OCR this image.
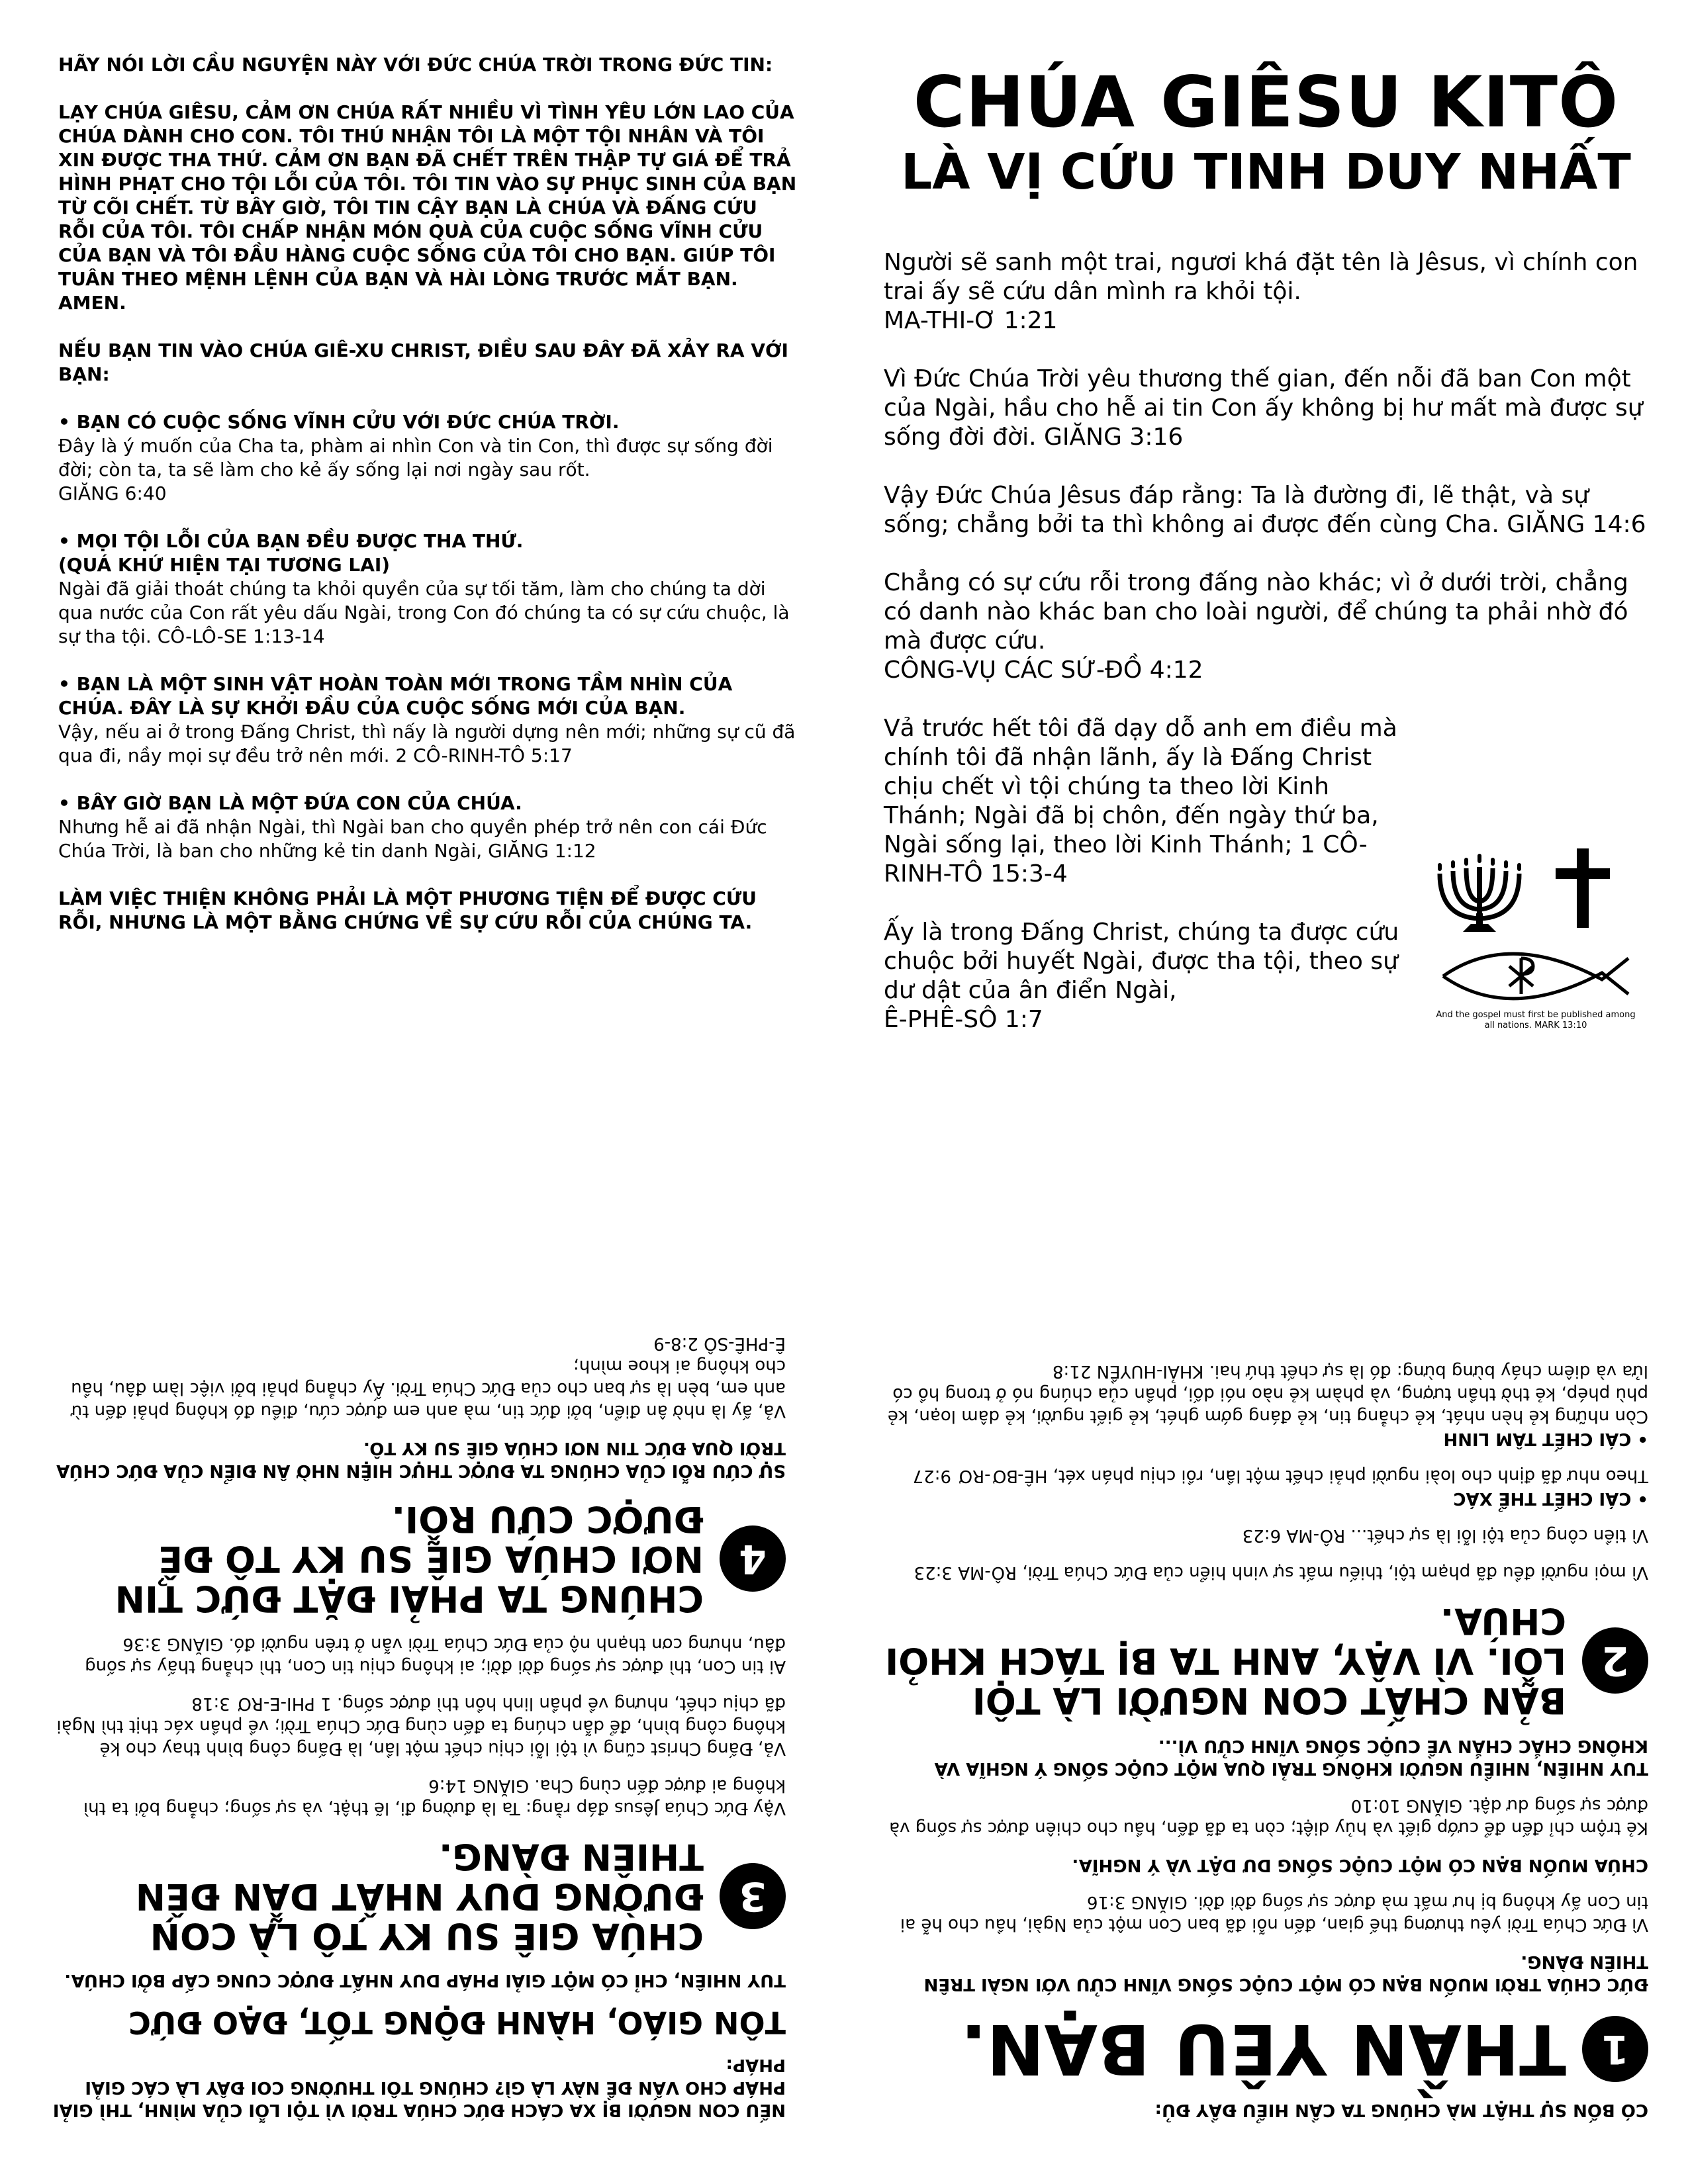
HÃY NÓI LỜI CẦU NGUYỆN NÀY VỚI ĐỨC CHÚA TRỜI TRONG ĐỨC TIN:

LẠY CHÚA GIÊSU, CẢM ƠN CHÚA RẤT NHIỀU VÌ TÌNH YÊU LỚN LAO CỦA CHÚA DÀNH CHO CON. TÔI THÚ NHẬN TÔI LÀ MỘT TỘI NHÂN VÀ TÔI XIN ĐƯỢC THA THỨ. CẢM ƠN BẠN ĐÃ CHẾT TRÊN THẬP TỰ GIÁ ĐỂ TRẢ HÌNH PHẠT CHO TỘI LỖI CỦA TÔI. TÔI TIN VÀO SỰ PHỤC SINH CỦA BẠN TỪ CÕI CHẾT. TỪ BÂY GIỜ, TÔI TIN CẬY BẠN LÀ CHÚA VÀ ĐẤNG CỨU RỖI CỦA TÔI. TÔI CHẤP NHẬN MÓN QUÀ CỦA CUỘC SỐNG VĨNH CỬU CỦA BẠN VÀ TÔI ĐẦU HÀNG CUỘC SỐNG CỦA TÔI CHO BẠN. GIÚP TÔI TUÂN THEO MỆNH LỆNH CỦA BẠN VÀ HÀI LÒNG TRƯỚC MẮT BẠN. AMEN.

NẾU BẠN TIN VÀO CHÚA GIÊ-XU CHRIST, ĐIỀU SAU ĐÂY ĐÃ XẢY RA VỚI BẠN:

• BẠN CÓ CUỘC SỐNG VĨNH CỬU VỚI ĐỨC CHÚA TRỜI.
Đây là ý muốn của Cha ta, phàm ai nhìn Con và tin Con, thì được sự sống đời đời; còn ta, ta sẽ làm cho kẻ ấy sống lại nơi ngày sau rốt.
GIĂNG 6:40
• MỌI TỘI LỖI CỦA BẠN ĐỀU ĐƯỢC THA THỨ.
(QUÁ KHỨ HIỆN TẠI TƯƠNG LAI)
Ngài đã giải thoát chúng ta khỏi quyền của sự tối tăm, làm cho chúng ta dời qua nước của Con rất yêu dấu Ngài, trong Con đó chúng ta có sự cứu chuộc, là sự tha tội. CÔ-LÔ-SE 1:13-14
• BẠN LÀ MỘT SINH VẬT HOÀN TOÀN MỚI TRONG TẦM NHÌN CỦA CHÚA. ĐÂY LÀ SỰ KHỞI ĐẦU CỦA CUỘC SỐNG MỚI CỦA BẠN.
Vậy, nếu ai ở trong Đấng Christ, thì nấy là người dựng nên mới; những sự cũ đã qua đi, nầy mọi sự đều trở nên mới. 2 CÔ-RINH-TÔ 5:17
• BÂY GIỜ BẠN LÀ MỘT ĐỨA CON CỦA CHÚA.
Nhưng hễ ai đã nhận Ngài, thì Ngài ban cho quyền phép trở nên con cái Đức Chúa Trời, là ban cho những kẻ tin danh Ngài, GIĂNG 1:12

LÀM VIỆC THIỆN KHÔNG PHẢI LÀ MỘT PHƯƠNG TIỆN ĐỂ ĐƯỢC CỨU RỖI, NHƯNG LÀ MỘT BẰNG CHỨNG VỀ SỰ CỨU RỖI CỦA CHÚNG TA.

CHÚA GIÊSU KITÔ
LÀ VỊ CỨU TINH DUY NHẤT
Người sẽ sanh một trai, ngươi khá đặt tên là Jêsus, vì chính con trai ấy sẽ cứu dân mình ra khỏi tội.
MA-THI-Ơ 1:21
Vì Đức Chúa Trời yêu thương thế gian, đến nỗi đã ban Con một của Ngài, hầu cho hễ ai tin Con ấy không bị hư mất mà được sự sống đời đời. GIĂNG 3:16
Vậy Đức Chúa Jêsus đáp rằng: Ta là đường đi, lẽ thật, và sự sống; chẳng bởi ta thì không ai được đến cùng Cha. GIĂNG 14:6
Chẳng có sự cứu rỗi trong đấng nào khác; vì ở dưới trời, chẳng có danh nào khác ban cho loài người, để chúng ta phải nhờ đó mà được cứu.
CÔNG-VỤ CÁC SỨ-ĐỒ 4:12
Vả trước hết tôi đã dạy dỗ anh em điều mà chính tôi đã nhận lãnh, ấy là Đấng Christ chịu chết vì tội chúng ta theo lời Kinh Thánh; Ngài đã bị chôn, đến ngày thứ ba, Ngài sống lại, theo lời Kinh Thánh; 1 CÔ-RINH-TÔ 15:3-4
Ấy là trong Đấng Christ, chúng ta được cứu chuộc bởi huyết Ngài, được tha tội, theo sự dư dật của ân điển Ngài,
Ê-PHÊ-SÔ 1:7	And the gospel must first be published among all nations. MARK 13:10

NẾU CON NGƯỜI BỊ XA CÁCH ĐỨC CHÚA TRỜI VÌ TỘI LỖI CỦA MÌNH, THÌ GIẢI PHÁP CHO VẤN ĐỀ NÀY LÀ GÌ? CHÚNG TÔI THƯỜNG COI ĐÂY LÀ CÁC GIẢI PHÁP:

TÔN GIÁO, HÀNH ĐỘNG TỐT, ĐẠO ĐỨC

TUY NHIÊN, CHỈ CÓ MỘT GIẢI PHÁP DUY NHẤT ĐƯỢC CUNG CẤP BỞI CHÚA.

3
CHÚA GIÊ SU KY TÔ LÀ CON ĐƯỜNG DUY NHẤT DẪN ĐẾN THIÊN ĐÀNG.

Vậy Đức Chúa Jêsus đáp rằng: Ta là đường đi, lẽ thật, và sự sống; chẳng bởi ta thì không ai được đến cùng Cha. GIĂNG 14:6

Vả, Đấng Christ cũng vì tội lỗi chịu chết một lần, là Đấng công bình thay cho kẻ không công bình, để dẫn chúng ta đến cùng Đức Chúa Trời; về phần xác thịt thì Ngài đã chịu chết, nhưng về phần linh hồn thì được sống. 1 PHI-E-RƠ 3:18

Ai tin Con, thì được sự sống đời đời; ai không chịu tin Con, thì chẳng thấy sự sống đâu, nhưng cơn thạnh nộ của Đức Chúa Trời vẫn ở trên người đó. GIĂNG 3:36

4
CHÚNG TA PHẢI ĐẶT ĐỨC TIN NƠI CHÚA GIÊ SU KY TÔ ĐỂ ĐƯỢC CỨU RỖI.

SỰ CỨU RỖI CỦA CHÚNG TA ĐƯỢC THỰC HIỆN NHỜ ÂN ĐIỂN CỦA ĐỨC CHÚA TRỜI QUA ĐỨC TIN NƠI CHÚA GIÊ SU KY TÔ.

Vả, ấy là nhờ ân điển, bởi đức tin, mà anh em được cứu, điều đó không phải đến từ anh em, bèn là sự ban cho của Đức Chúa Trời. Ấy chẳng phải bởi việc làm đâu, hầu cho không ai khoe mình;
Ê-PHÊ-SÔ 2:8-9

CÓ BỐN SỰ THẬT MÀ CHÚNG TA CẦN HIỂU ĐẦY ĐỦ:

1
THẦN YÊU BẠN.

ĐỨC CHÚA TRỜI MUỐN BẠN CÓ MỘT CUỘC SỐNG VĨNH CỬU VỚI NGÀI TRÊN THIÊN ĐÀNG.

Vì Đức Chúa Trời yêu thương thế gian, đến nỗi đã ban Con một của Ngài, hầu cho hễ ai tin Con ấy không bị hư mất mà được sự sống đời đời. GIĂNG 3:16

CHÚA MUỐN BẠN CÓ MỘT CUỘC SỐNG DƯ DẬT VÀ Ý NGHĨA.

Kẻ trộm chỉ đến để cướp giết và hủy diệt; còn ta đã đến, hầu cho chiên được sự sống và được sự sống dư dật. GIĂNG 10:10

TUY NHIÊN, NHIỀU NGƯỜI KHÔNG TRẢI QUA MỘT CUỘC SỐNG Ý NGHĨA VÀ KHÔNG CHẮC CHẮN VỀ CUỘC SỐNG VĨNH CỬU VÌ...

2
BẢN CHẤT CON NGƯỜI LÀ TỘI LỖI. VÌ VẬY, ANH TA BỊ TÁCH KHỎI CHÚA.

Vì mọi người đều đã phạm tội, thiếu mất sự vinh hiển của Đức Chúa Trời, RÔ-MA 3:23

Vì tiền công của tội lỗi là sự chết... RÔ-MA 6:23

• CÁI CHẾT THỂ XÁC
Theo như đã định cho loài người phải chết một lần, rồi chịu phán xét, HÊ-BƠ-RƠ 9:27

• CÁI CHẾT TÂM LINH
Còn những kẻ hèn nhát, kẻ chẳng tin, kẻ đáng gớm ghét, kẻ giết người, kẻ dâm loạn, kẻ phù phép, kẻ thờ thần tượng, và phàm kẻ nào nói dối, phần của chúng nó ở trong hồ có lửa và diêm cháy bừng bừng: đó là sự chết thứ hai. KHẢI-HUYỀN 21:8
